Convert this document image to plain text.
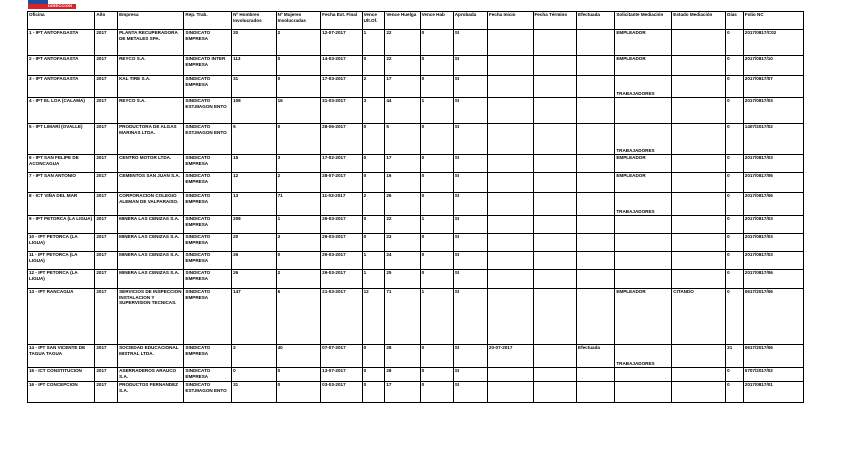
DIRECCIÓN DEL TRABAJO
Oficina	Año	Empresa	Rep. Trab.	Nº Hombres Involucrados	Nº Mujeres Involucradas	Fecha Ext. Final	Vence Ult.Of.	Vence Huelga	Vence Hab	Aprobada	Fecha Inicio	Fecha Término	Efectuada	Solicitante Mediación	Estado Mediación	Días	Folio NC
1 - IPT ANTOFAGASTA	2017	PLANTA RECUPERADORA DE METALES SPA.	SINDICATO EMPRESA	20	2	12-07-2017	1	22	0	SI				EMPLEADOR		0	2017/0817/C02
2 - IPT ANTOFAGASTA	2017	REYCO S.A.	SINDICATO INTER EMPRESA	113	0	14-03-2017	0	22	0	SI				EMPLEADOR		0	2017/0817/10
3 - IPT ANTOFAGASTA	2017	KAL TIRE S.A.	SINDICATO EMPRESA	31	0	17-03-2017	2	17	0	SI				TRABAJADORES		0	2017/0817/07
4 - IPT EL LOA (CALAMA)	2017	REYCO S.A.	SINDICATO EST.MAGON ENTO	108	16	31-03-2017	3	44	1	SI						0	2017/0817/03
5 - IPT LIMARÍ (OVALLE)	2017	PRODUCTORA DE ALGAS MARINAS LTDA.	SINDICATO EST.MAGON ENTO	5	0	28-06-2017	0	5	0	SI				TRABAJADORES		0	1407/2017/02
6 - IPT SAN FELIPE DE ACONCAGUA	2017	CENTRO MOTOR LTDA.	SINDICATO EMPRESA	15	3	17-02-2017	0	17	0	SI				EMPLEADOR		0	2017/0817/03
7 - IPT SAN ANTONIO	2017	CEMENTOS SAN JUAN S.A.	SINDICATO EMPRESA	12	2	28-07-2017	0	16	0	SI				EMPLEADOR		0	2017/0817/06
8 - ICT VIÑA DEL MAR	2017	CORPORACION COLEGIO ALEMAN DE VALPARAISO.	SINDICATO EMPRESA	13	71	11-03-2017	2	26	0	SI				TRABAJADORES		0	2017/0817/06
9 - IPT PETORCA (LA LIGUA)	2017	MINERA LAS CENIZAS S.A.	SINDICATO EMPRESA	208	1	29-03-2017	0	22	1	SI						0	2017/0817/03
10 - IPT PETORCA (LA LIGUA)	2017	MINERA LAS CENIZAS S.A.	SINDICATO EMPRESA	20	3	29-03-2017	0	23	0	SI						0	2017/0817/03
11 - IPT PETORCA (LA LIGUA)	2017	MINERA LAS CENIZAS S.A.	SINDICATO EMPRESA	26	0	29-03-2017	1	24	0	SI						0	2017/0817/03
12 - IPT PETORCA (LA LIGUA)	2017	MINERA LAS CENIZAS S.A.	SINDICATO EMPRESA	26	2	29-03-2017	1	25	0	SI						0	2017/0817/06
13 - IPT RANCAGUA	2017	SERVICIOS DE INSPECCION INSTALACION Y SUPERVISION TECNICAS.	SINDICATO EMPRESA	147	6	21-03-2017	12	71	1	SI				EMPLEADOR	CITANDO	0	0617/2017/06
14 - IPT SAN VICENTE DE TAGUA TAGUA	2017	SOCIEDAD EDUCACIONAL MISTRAL LTDA.	SINDICATO EMPRESA	2	40	07-07-2017	0	28	0	SI	20-07-2017		Efectuada	TRABAJADORES		31	0617/2017/06
15 - ICT CONSTITUCION	2017	ASERRADEROS ARAUCO S.A.	SINDICATO EMPRESA	0	0	13-07-2017	0	28	0	SI						0	0707/2017/02
16 - IPT CONCEPCION	2017	PRODUCTOS FERNANDEZ S.A.	SINDICATO EST.MAGON ENTO	31	0	03-03-2017	0	17	0	SI						0	2017/0817/01
